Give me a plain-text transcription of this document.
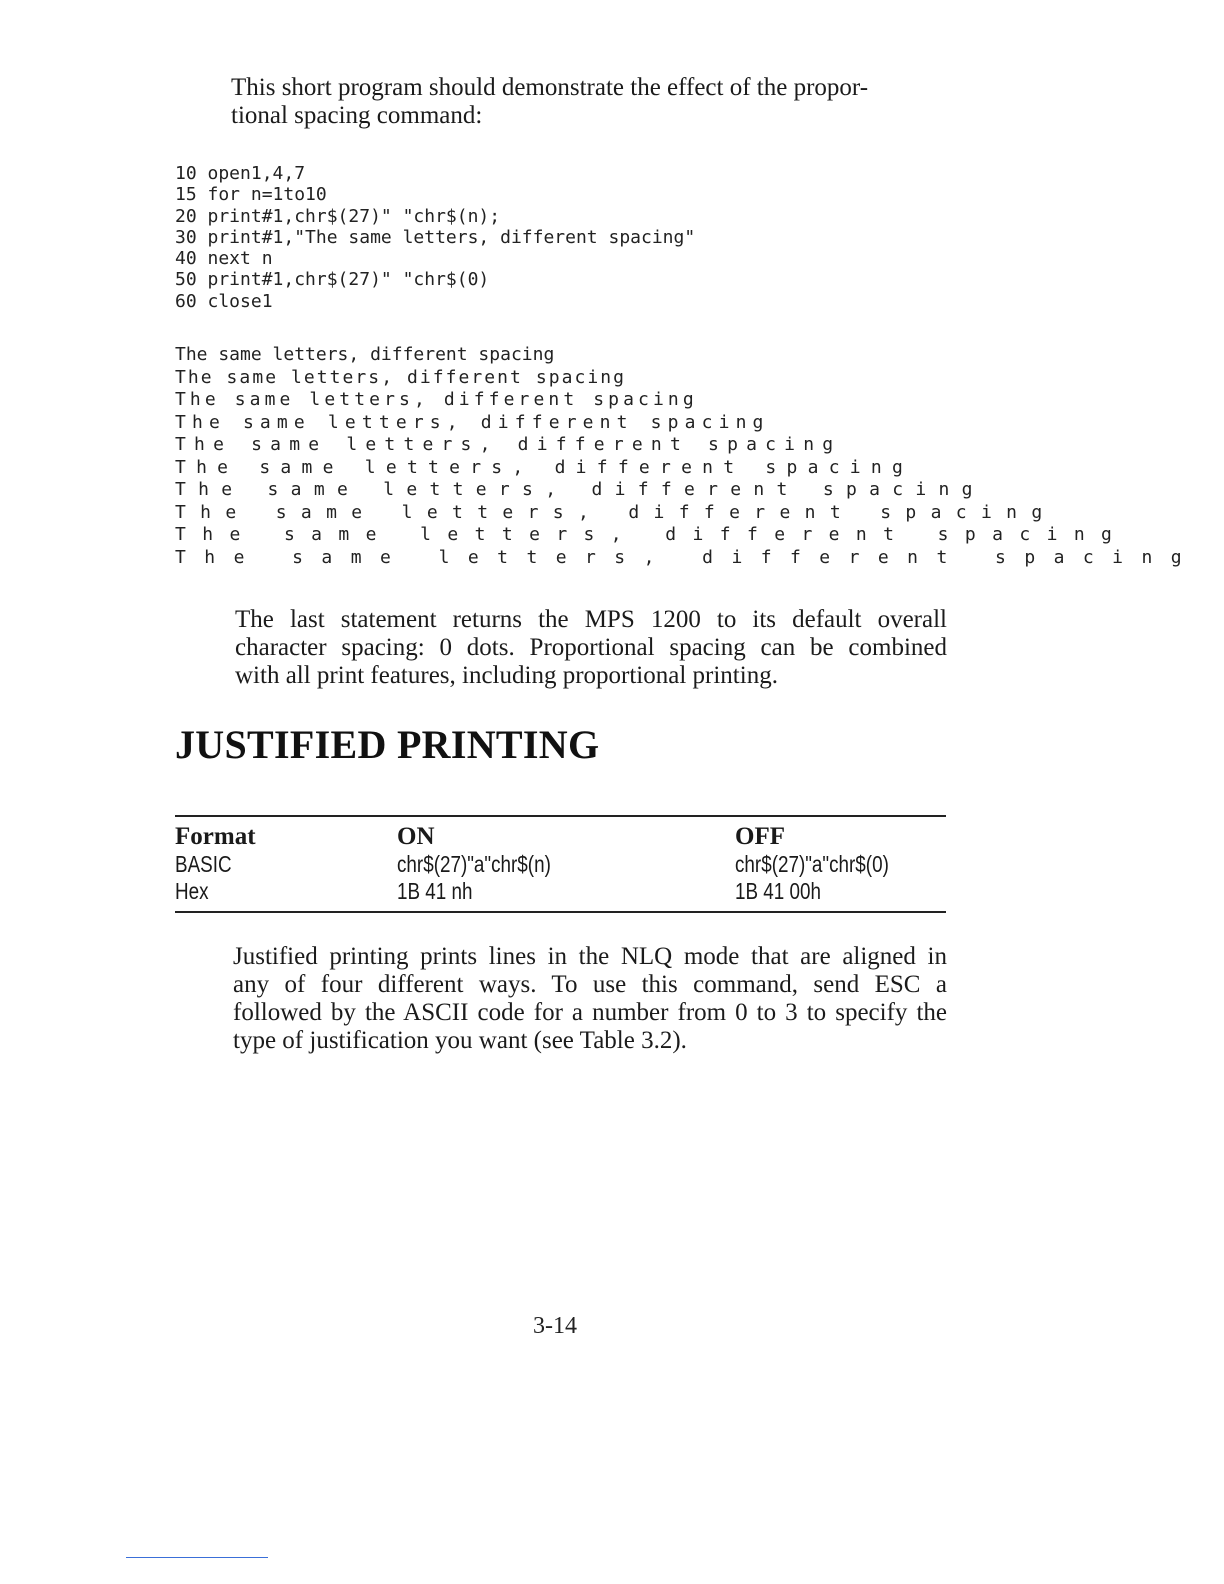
This short program should demonstrate the effect of the propor-
tional spacing command:
10 open1,4,7
15 for n=1to10
20 print#1,chr$(27)" "chr$(n);
30 print#1,"The same letters, different spacing"
40 next n
50 print#1,chr$(27)" "chr$(0)
60 close1
The same letters, different spacing
The same letters, different spacing
The same letters, different spacing
The same letters, different spacing
The same letters, different spacing
The same letters, different spacing
The same letters, different spacing
The same letters, different spacing
The same letters, different spacing
The same letters, different spacing
The last statement returns the MPS 1200 to its default overall
character spacing: 0 dots. Proportional spacing can be combined
with all print features, including proportional printing.
JUSTIFIED PRINTING
Format	ON	OFF
BASIC	chr$(27)"a"chr$(n)	chr$(27)"a"chr$(0)
Hex	1B 41 nh	1B 41 00h
Justified printing prints lines in the NLQ mode that are aligned in
any of four different ways. To use this command, send ESC a
followed by the ASCII code for a number from 0 to 3 to specify the
type of justification you want (see Table 3.2).
3-14
